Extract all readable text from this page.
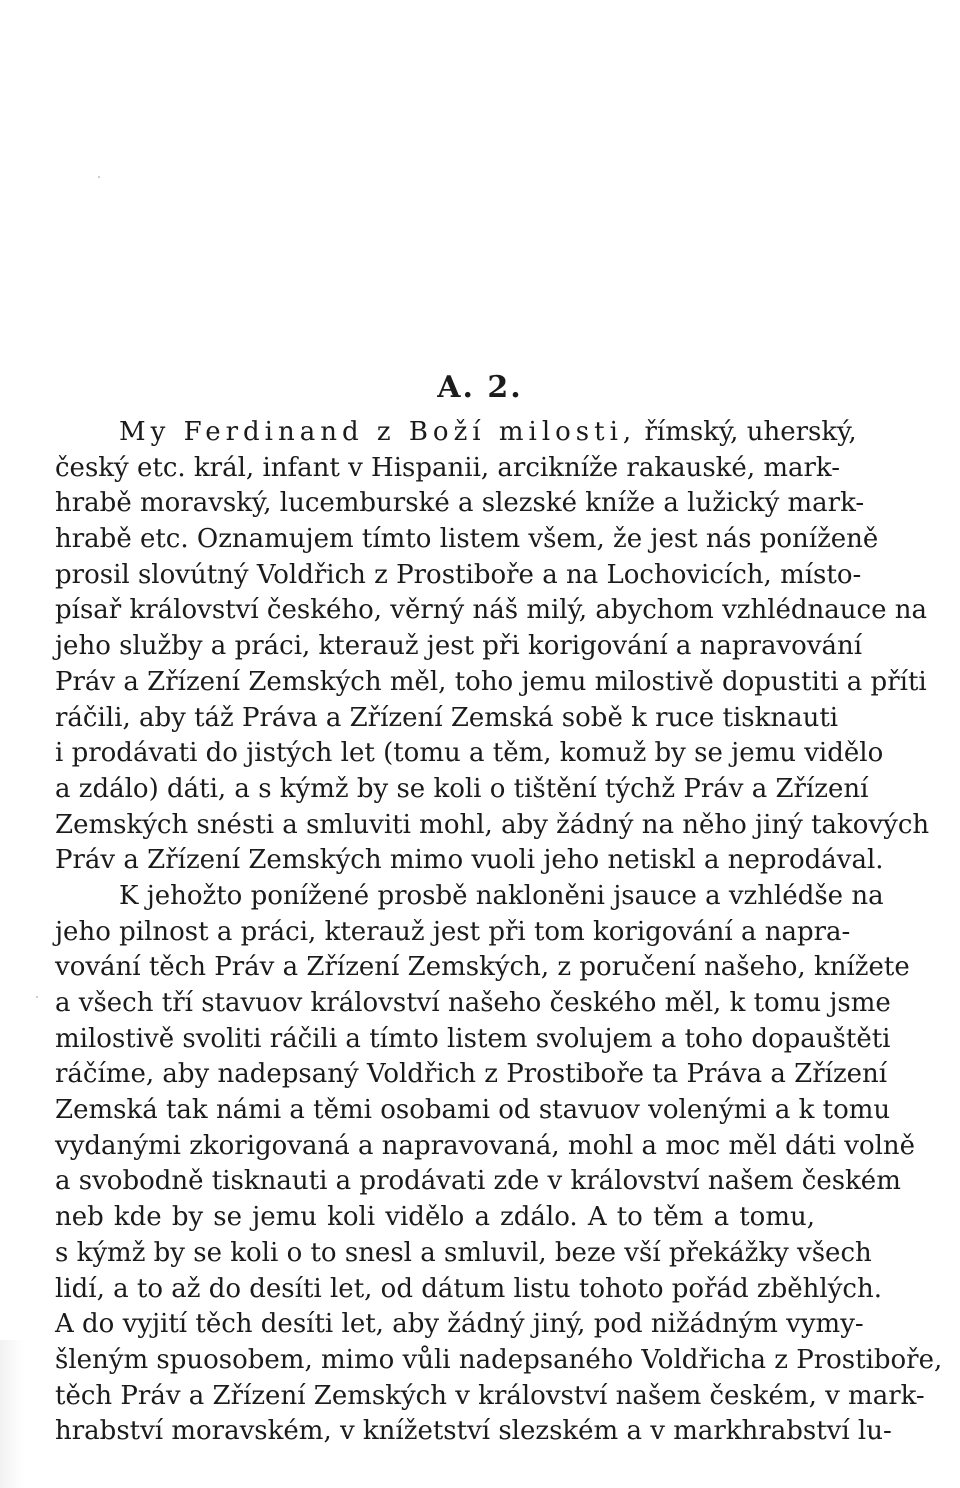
A. 2.
My Ferdinand z Boží milosti, římský, uherský,
český etc. král, infant v Hispanii, arcikníže rakauské, mark-
hrabě moravský, lucemburské a slezské kníže a lužický mark-
hrabě etc. Oznamujem tímto listem všem, že jest nás poníženě
prosil slovútný Voldřich z Prostiboře a na Lochovicích, místo-
písař království českého, věrný náš milý, abychom vzhlédnauce na
jeho služby a práci, kterauž jest při korigování a napravování
Práv a Zřízení Zemských měl, toho jemu milostivě dopustiti a příti
ráčili, aby táž Práva a Zřízení Zemská sobě k ruce tisknauti
i prodávati do jistých let (tomu a těm, komuž by se jemu vidělo
a zdálo) dáti, a s kýmž by se koli o tištění týchž Práv a Zřízení
Zemských snésti a smluviti mohl, aby žádný na něho jiný takových
Práv a Zřízení Zemských mimo vuoli jeho netiskl a neprodával.
K jehožto ponížené prosbě nakloněni jsauce a vzhlédše na
jeho pilnost a práci, kterauž jest při tom korigování a napra-
vování těch Práv a Zřízení Zemských, z poručení našeho, knížete
a všech tří stavuov království našeho českého měl, k tomu jsme
milostivě svoliti ráčili a tímto listem svolujem a toho dopauštěti
ráčíme, aby nadepsaný Voldřich z Prostiboře ta Práva a Zřízení
Zemská tak námi a těmi osobami od stavuov volenými a k tomu
vydanými zkorigovaná a napravovaná, mohl a moc měl dáti volně
a svobodně tisknauti a prodávati zde v království našem českém
neb kde by se jemu koli vidělo a zdálo. A to těm a tomu,
s kýmž by se koli o to snesl a smluvil, beze vší překážky všech
lidí, a to až do desíti let, od dátum listu tohoto pořád zběhlých.
A do vyjití těch desíti let, aby žádný jiný, pod nižádným vymy-
šleným spuosobem, mimo vůli nadepsaného Voldřicha z Prostiboře,
těch Práv a Zřízení Zemských v království našem českém, v mark-
hrabství moravském, v knížetství slezském a v markhrabství lu-
